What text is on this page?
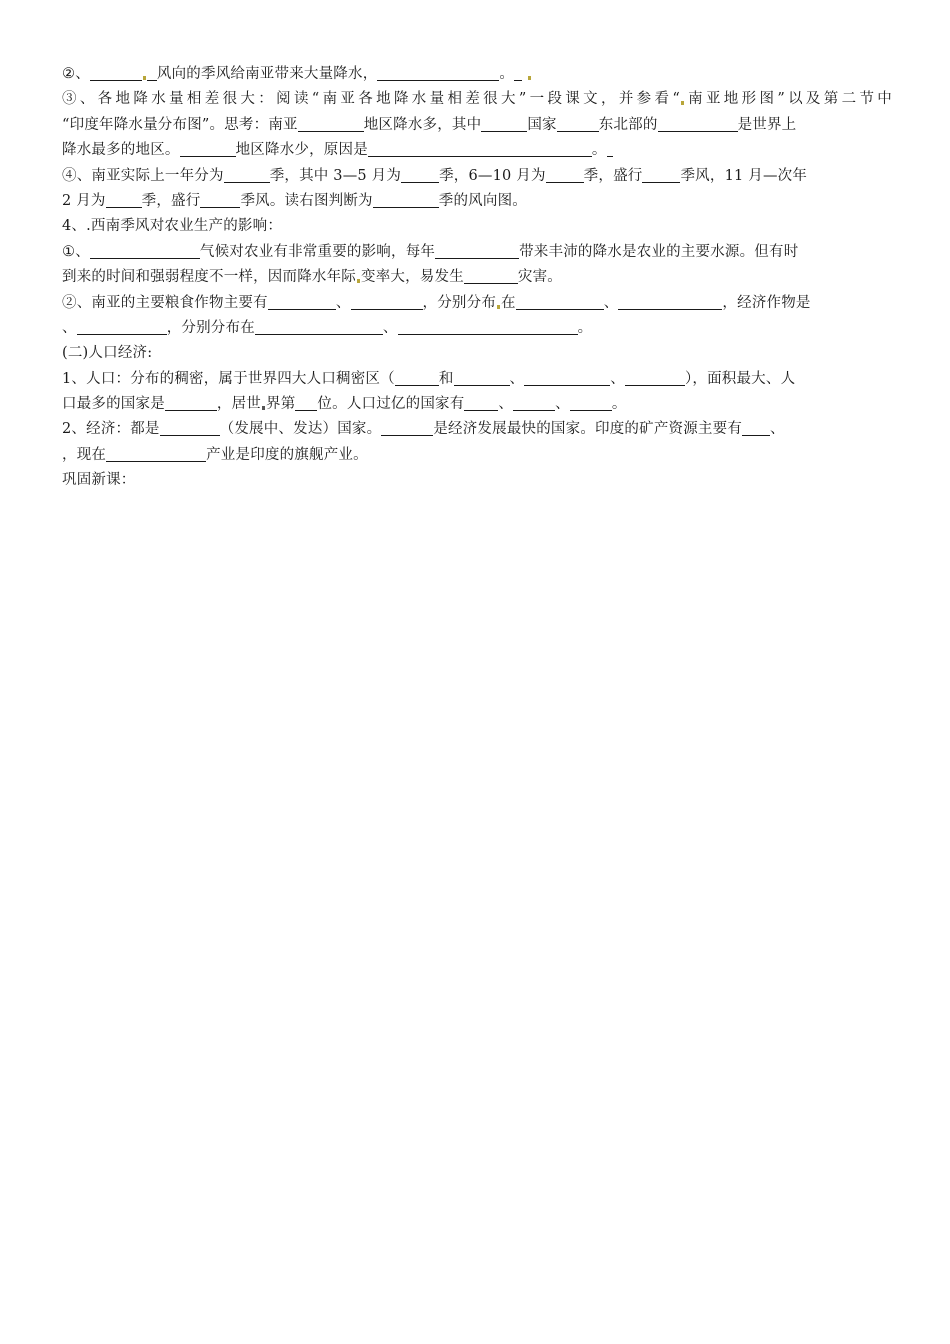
②、	风向的季风给南亚带来大量降水，	。
③、各地降水量相差很大：阅读“南亚各地降水量相差很大”一段课文，并参看“ 南亚地形图”以及第二节中
“印度年降水量分布图”。思考：南亚	地区降水多，其中	国家	东北部的	是世界上
降水最多的地区。	地区降水少，原因是	。
④、南亚实际上一年分为	季，其中 3—5 月为	季，6—10 月为	季，盛行	季风，11 月—次年
2 月为 季，盛行	季风。读右图判断为	季的风向图。
4、.西南季风对农业生产的影响：
①、	气候对农业有非常重要的影响，每年	带来丰沛的降水是农业的主要水源。但有时
到来的时间和强弱程度不一样，因而降水年际 变率大，易发生	灾害。
②、南亚的主要粮食作物主要有	、	，分别分布 在	、	，经济作物是
、	，分别分布在	、	。
(二)人口经济:
1、人口：分布的稠密，属于世界四大人口稠密区（	和	、	、	），面积最大、人
口最多的国家是	，居世 界第 位。人口过亿的国家有 、	、	。
2、经济：都是	（发展中、发达）国家。	是经济发展最快的国家。印度的矿产资源主要有 、
，现在	产业是印度的旗舰产业。
巩固新课：
